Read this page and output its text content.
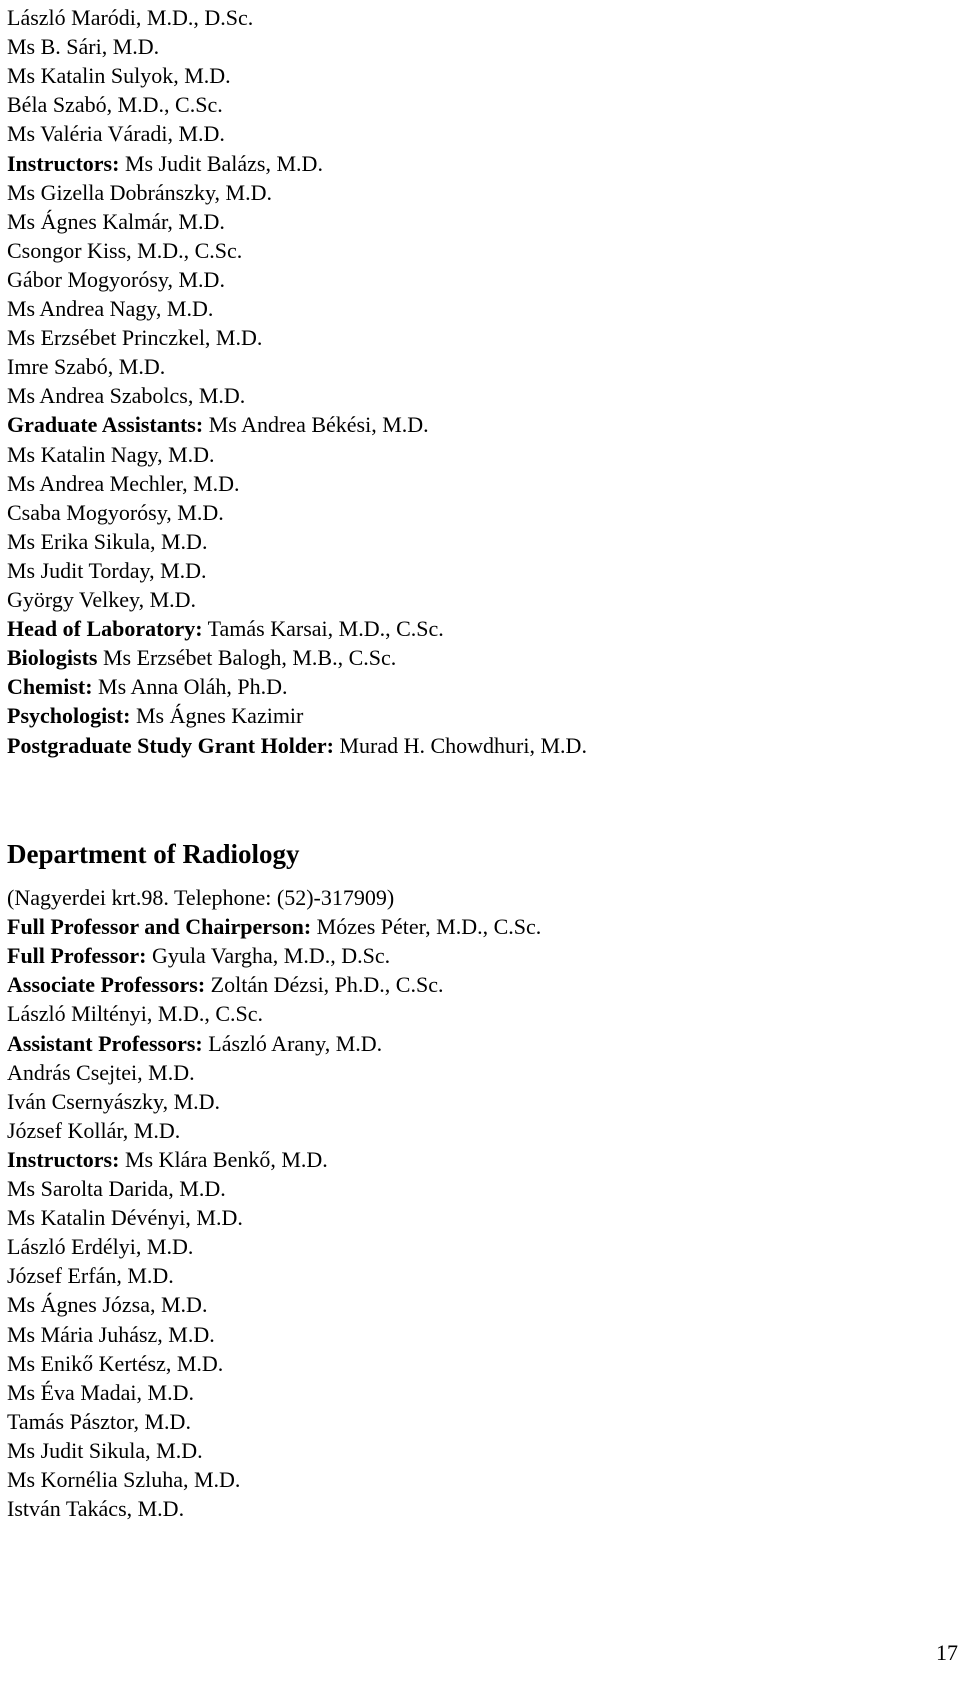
László Maródi, M.D., D.Sc.
Ms B. Sári, M.D.
Ms Katalin Sulyok, M.D.
Béla Szabó, M.D., C.Sc.
Ms Valéria Váradi, M.D.
Instructors: Ms Judit Balázs, M.D.
Ms Gizella Dobránszky, M.D.
Ms Ágnes Kalmár, M.D.
Csongor Kiss, M.D., C.Sc.
Gábor Mogyorósy, M.D.
Ms Andrea Nagy, M.D.
Ms Erzsébet Princzkel, M.D.
Imre Szabó, M.D.
Ms Andrea Szabolcs, M.D.
Graduate Assistants: Ms Andrea Békési, M.D.
Ms Katalin Nagy, M.D.
Ms Andrea Mechler, M.D.
Csaba Mogyorósy, M.D.
Ms Erika Sikula, M.D.
Ms Judit Torday, M.D.
György Velkey, M.D.
Head of Laboratory: Tamás Karsai, M.D., C.Sc.
Biologists Ms Erzsébet Balogh, M.B., C.Sc.
Chemist: Ms Anna Oláh, Ph.D.
Psychologist: Ms Ágnes Kazimir
Postgraduate Study Grant Holder: Murad H. Chowdhuri, M.D.
Department of Radiology
(Nagyerdei krt.98. Telephone: (52)-317909)
Full Professor and Chairperson: Mózes Péter, M.D., C.Sc.
Full Professor: Gyula Vargha, M.D., D.Sc.
Associate Professors: Zoltán Dézsi, Ph.D., C.Sc.
László Miltényi, M.D., C.Sc.
Assistant Professors: László Arany, M.D.
András Csejtei, M.D.
Iván Csernyászky, M.D.
József Kollár, M.D.
Instructors: Ms Klára Benkő, M.D.
Ms Sarolta Darida, M.D.
Ms Katalin Dévényi, M.D.
László Erdélyi, M.D.
József Erfán, M.D.
Ms Ágnes Józsa, M.D.
Ms Mária Juhász, M.D.
Ms Enikő Kertész, M.D.
Ms Éva Madai, M.D.
Tamás Pásztor, M.D.
Ms Judit Sikula, M.D.
Ms Kornélia Szluha, M.D.
István Takács, M.D.
17
